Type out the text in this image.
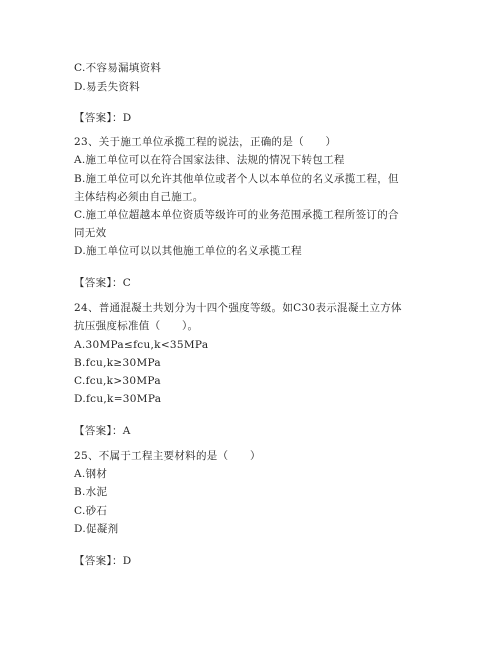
C.不容易漏填资料
D.易丢失资料
【答案】：D
23、关于施工单位承揽工程的说法，正确的是（　　）
A.施工单位可以在符合国家法律、法规的情况下转包工程
B.施工单位可以允许其他单位或者个人以本单位的名义承揽工程，但
主体结构必须由自己施工。
C.施工单位超越本单位资质等级许可的业务范围承揽工程所签订的合
同无效
D.施工单位可以以其他施工单位的名义承揽工程
【答案】：C
24、普通混凝土共划分为十四个强度等级。如C30表示混凝土立方体
抗压强度标准值（　　）。
A.30MPa≤fcu,k<35MPa
B.fcu,k≥30MPa
C.fcu,k>30MPa
D.fcu,k=30MPa
【答案】：A
25、不属于工程主要材料的是（　　）
A.钢材
B.水泥
C.砂石
D.促凝剂
【答案】：D
